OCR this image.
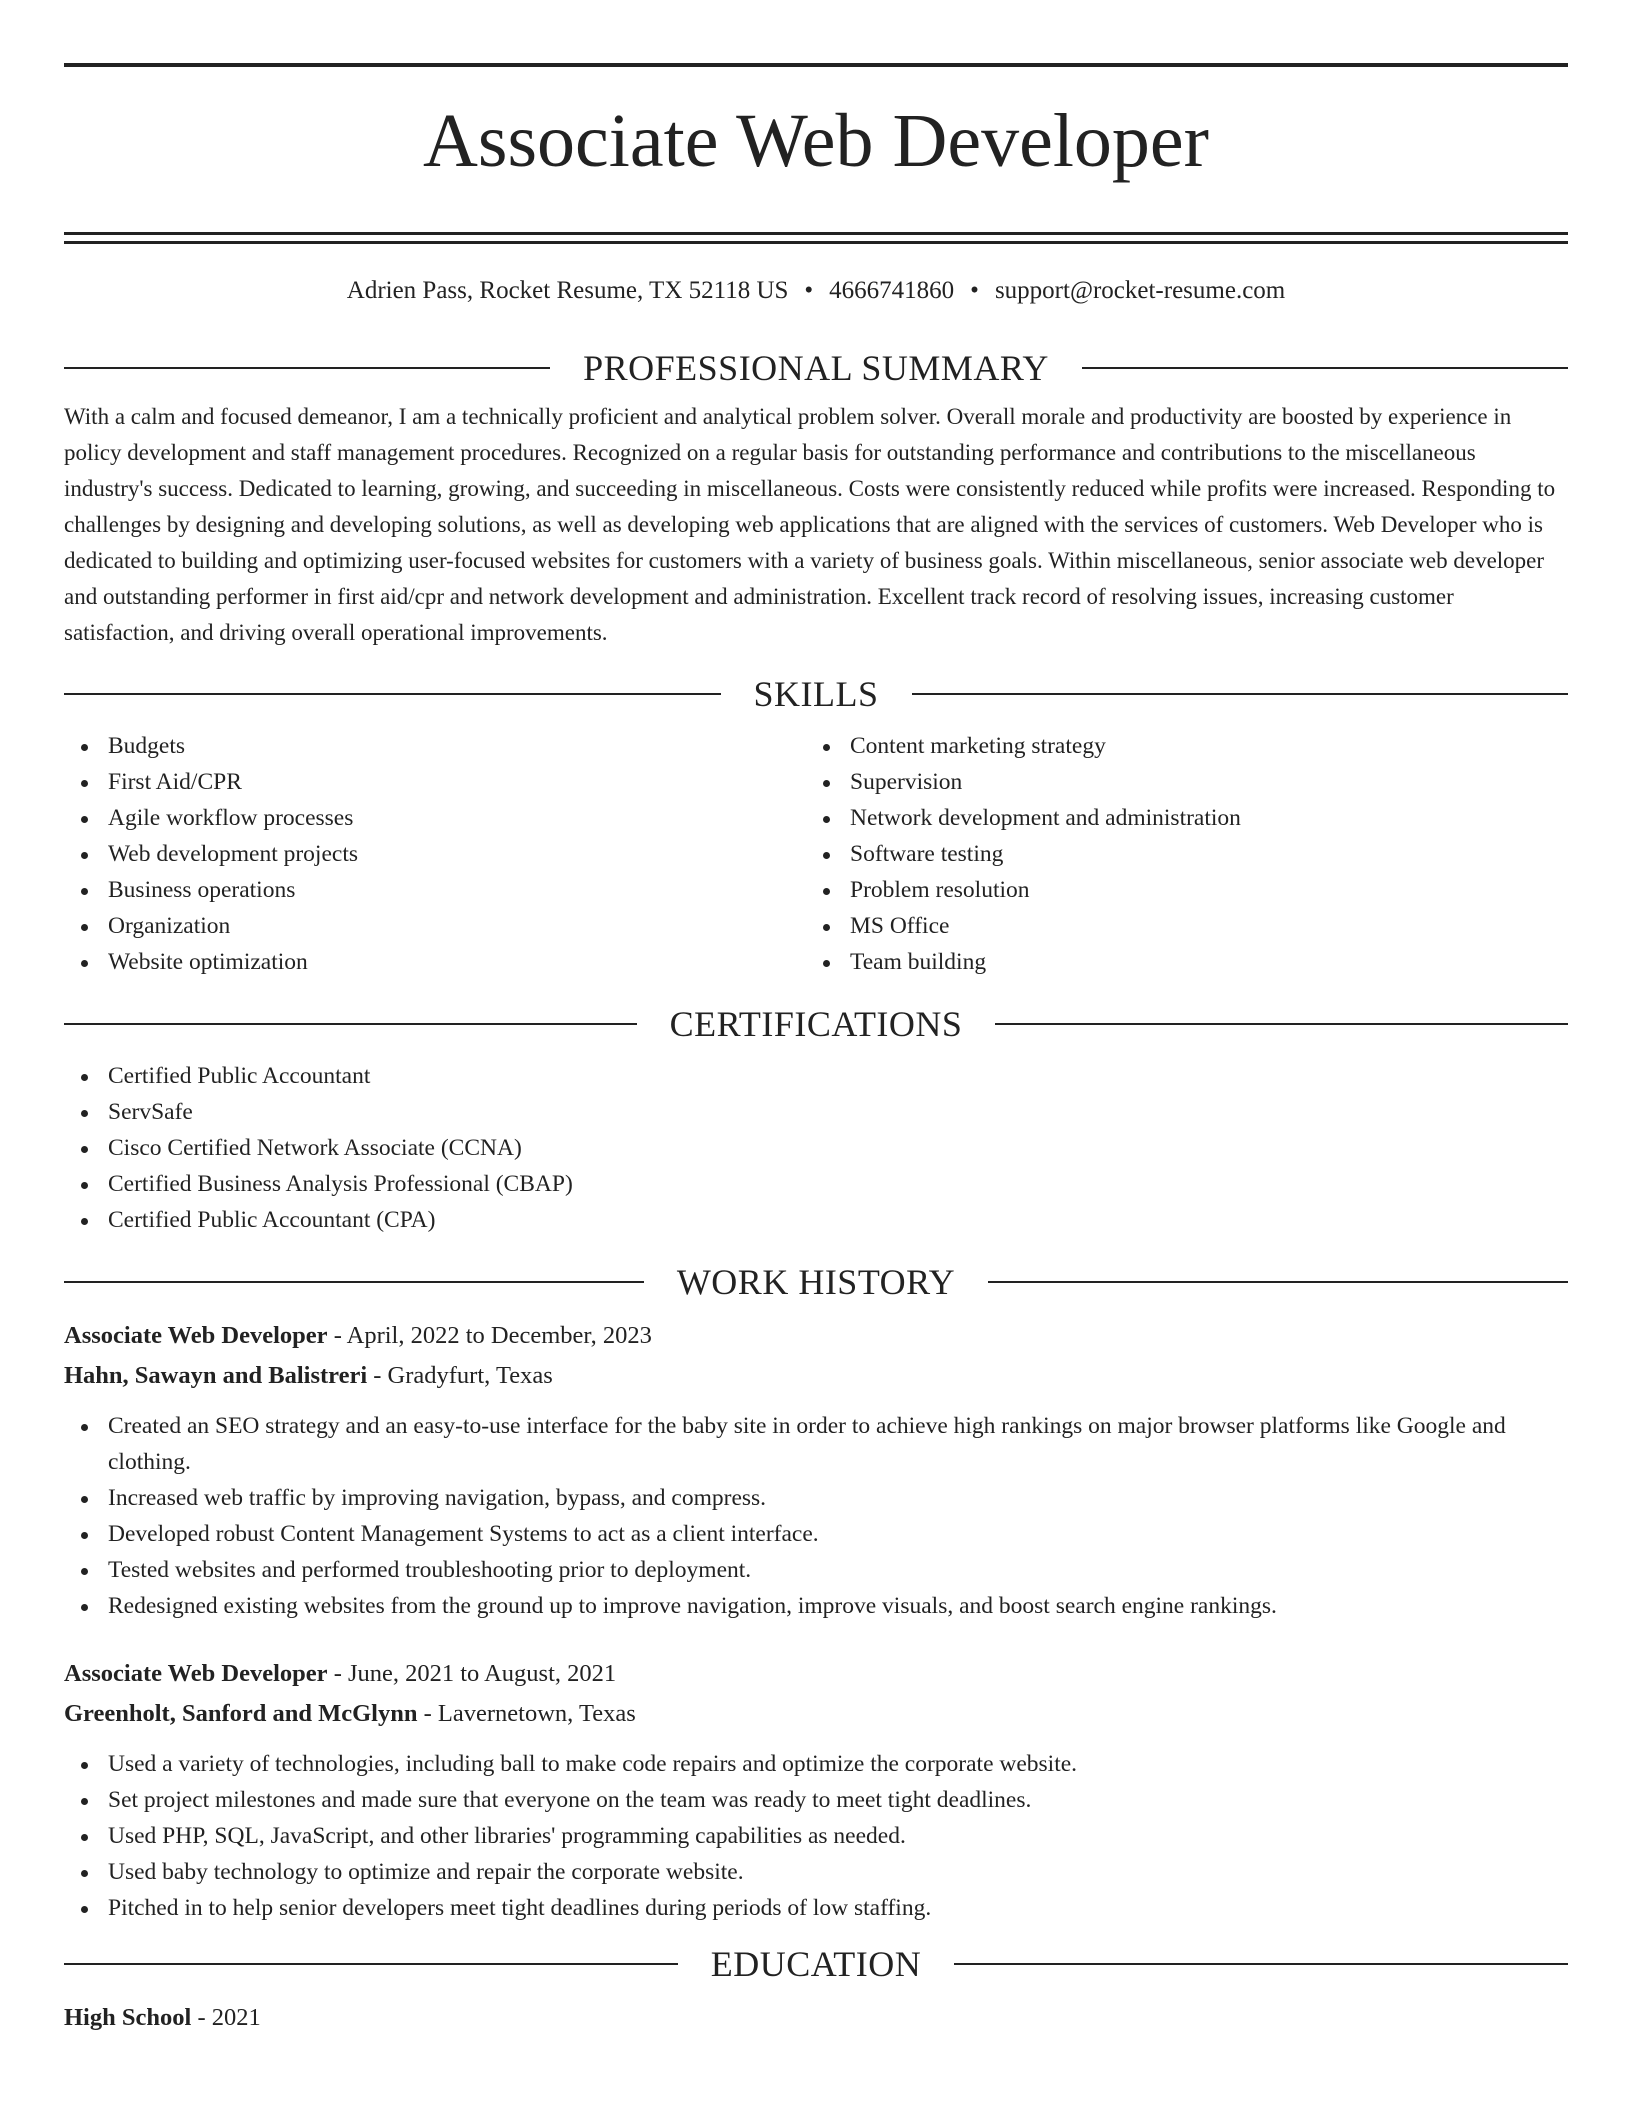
Associate Web Developer
Adrien Pass, Rocket Resume, TX 52118 US • 4666741860 • support@rocket-resume.com
PROFESSIONAL SUMMARY
With a calm and focused demeanor, I am a technically proficient and analytical problem solver. Overall morale and productivity are boosted by experience in policy development and staff management procedures. Recognized on a regular basis for outstanding performance and contributions to the miscellaneous industry's success. Dedicated to learning, growing, and succeeding in miscellaneous. Costs were consistently reduced while profits were increased. Responding to challenges by designing and developing solutions, as well as developing web applications that are aligned with the services of customers. Web Developer who is dedicated to building and optimizing user-focused websites for customers with a variety of business goals. Within miscellaneous, senior associate web developer and outstanding performer in first aid/cpr and network development and administration. Excellent track record of resolving issues, increasing customer satisfaction, and driving overall operational improvements.
SKILLS
Budgets
First Aid/CPR
Agile workflow processes
Web development projects
Business operations
Organization
Website optimization
Content marketing strategy
Supervision
Network development and administration
Software testing
Problem resolution
MS Office
Team building
CERTIFICATIONS
Certified Public Accountant
ServSafe
Cisco Certified Network Associate (CCNA)
Certified Business Analysis Professional (CBAP)
Certified Public Accountant (CPA)
WORK HISTORY
Associate Web Developer - April, 2022 to December, 2023
Hahn, Sawayn and Balistreri - Gradyfurt, Texas
Created an SEO strategy and an easy-to-use interface for the baby site in order to achieve high rankings on major browser platforms like Google and clothing.
Increased web traffic by improving navigation, bypass, and compress.
Developed robust Content Management Systems to act as a client interface.
Tested websites and performed troubleshooting prior to deployment.
Redesigned existing websites from the ground up to improve navigation, improve visuals, and boost search engine rankings.
Associate Web Developer - June, 2021 to August, 2021
Greenholt, Sanford and McGlynn - Lavernetown, Texas
Used a variety of technologies, including ball to make code repairs and optimize the corporate website.
Set project milestones and made sure that everyone on the team was ready to meet tight deadlines.
Used PHP, SQL, JavaScript, and other libraries' programming capabilities as needed.
Used baby technology to optimize and repair the corporate website.
Pitched in to help senior developers meet tight deadlines during periods of low staffing.
EDUCATION
High School - 2021
